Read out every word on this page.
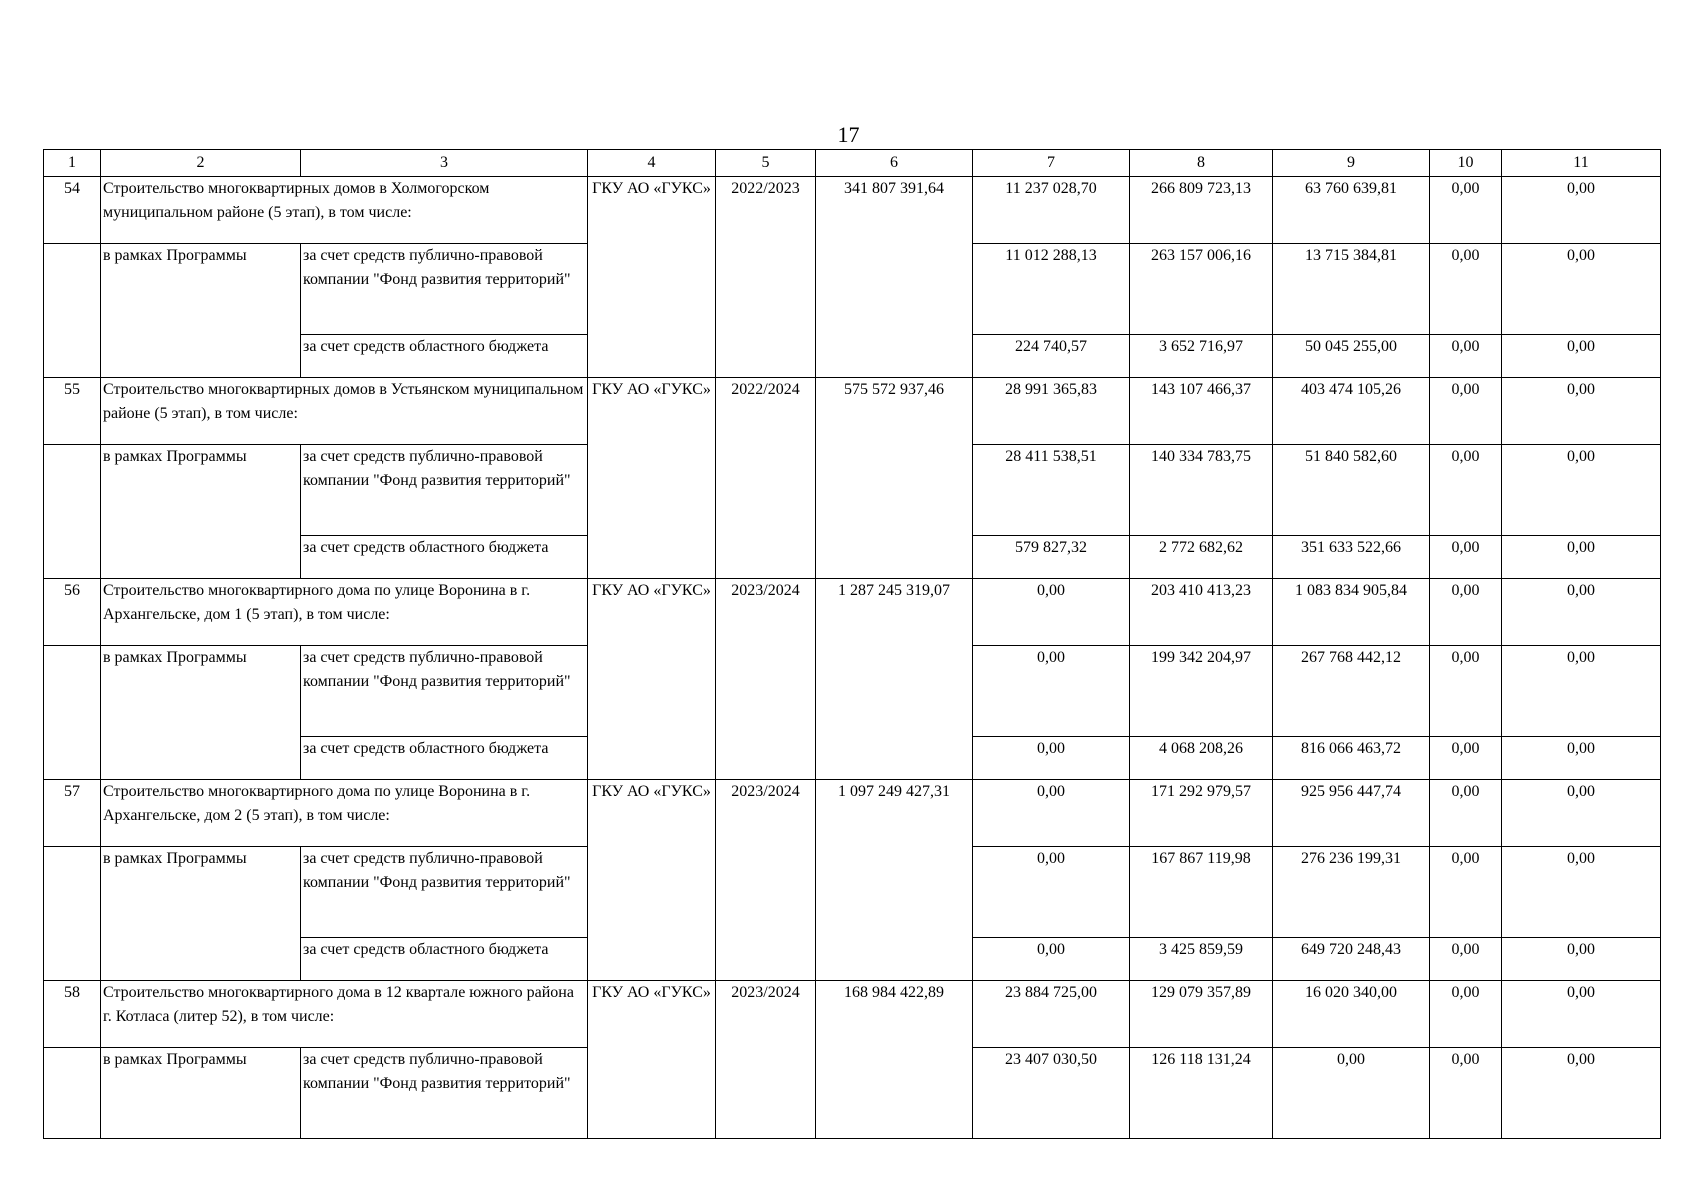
17
1	2	3	4	5	6	7	8	9	10	11
54	Строительство многоквартирных домов в Холмогорском муниципальном районе (5 этап), в том числе:		ГКУ АО «ГУКС»	2022/2023	341 807 391,64	11 237 028,70	266 809 723,13	63 760 639,81	0,00	0,00
	в рамках Программы	за счет средств публично-правовой компании "Фонд развития территорий"				11 012 288,13	263 157 006,16	13 715 384,81	0,00	0,00
		за счет средств областного бюджета				224 740,57	3 652 716,97	50 045 255,00	0,00	0,00
55	Строительство многоквартирных домов в Устьянском муниципальном районе (5 этап), в том числе:		ГКУ АО «ГУКС»	2022/2024	575 572 937,46	28 991 365,83	143 107 466,37	403 474 105,26	0,00	0,00
	в рамках Программы	за счет средств публично-правовой компании "Фонд развития территорий"				28 411 538,51	140 334 783,75	51 840 582,60	0,00	0,00
		за счет средств областного бюджета				579 827,32	2 772 682,62	351 633 522,66	0,00	0,00
56	Строительство многоквартирного дома по улице Воронина в г. Архангельске, дом 1 (5 этап), в том числе:		ГКУ АО «ГУКС»	2023/2024	1 287 245 319,07	0,00	203 410 413,23	1 083 834 905,84	0,00	0,00
	в рамках Программы	за счет средств публично-правовой компании "Фонд развития территорий"				0,00	199 342 204,97	267 768 442,12	0,00	0,00
		за счет средств областного бюджета				0,00	4 068 208,26	816 066 463,72	0,00	0,00
57	Строительство многоквартирного дома по улице Воронина в г. Архангельске, дом 2 (5 этап), в том числе:		ГКУ АО «ГУКС»	2023/2024	1 097 249 427,31	0,00	171 292 979,57	925 956 447,74	0,00	0,00
	в рамках Программы	за счет средств публично-правовой компании "Фонд развития территорий"				0,00	167 867 119,98	276 236 199,31	0,00	0,00
		за счет средств областного бюджета				0,00	3 425 859,59	649 720 248,43	0,00	0,00
58	Строительство многоквартирного дома в 12 квартале южного района г. Котласа (литер 52), в том числе:		ГКУ АО «ГУКС»	2023/2024	168 984 422,89	23 884 725,00	129 079 357,89	16 020 340,00	0,00	0,00
	в рамках Программы	за счет средств публично-правовой компании "Фонд развития территорий"				23 407 030,50	126 118 131,24	0,00	0,00	0,00
